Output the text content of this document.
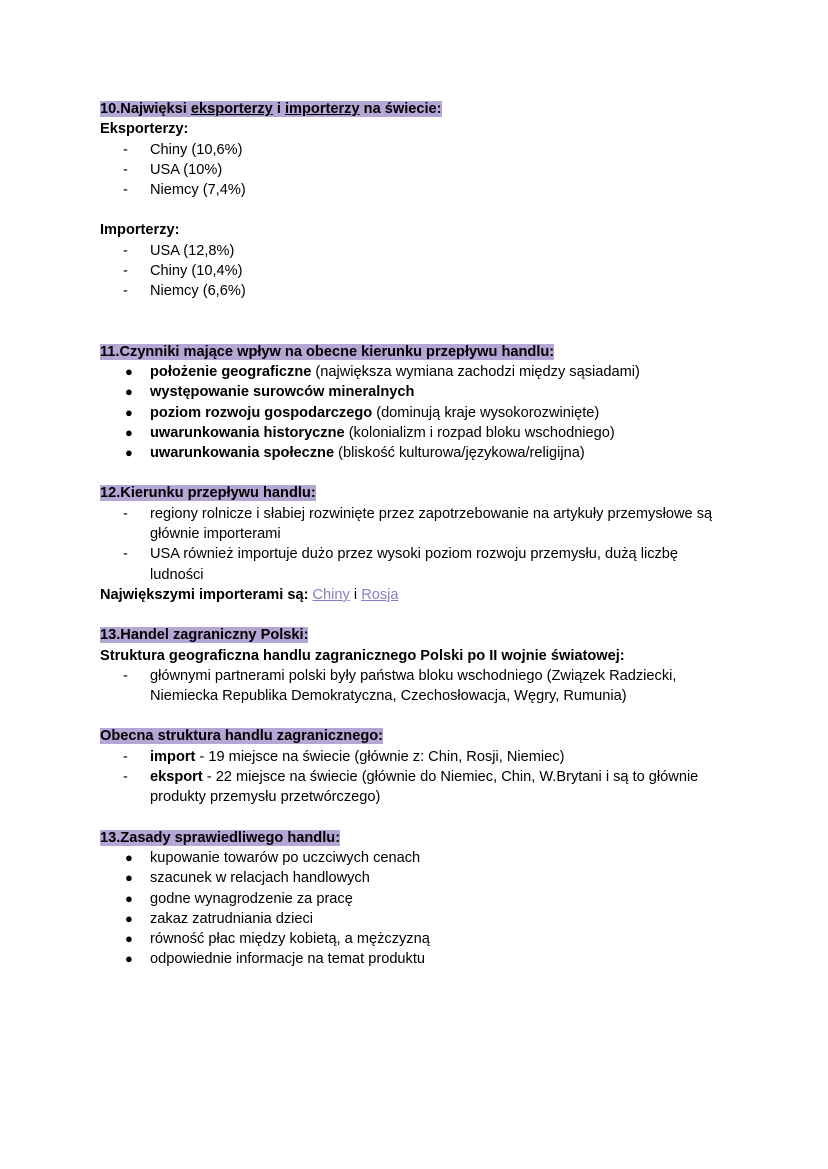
10.Najwięksi eksporterzy i importerzy na świecie:
Eksporterzy:
- Chiny (10,6%)
- USA (10%)
- Niemcy (7,4%)
Importerzy:
- USA (12,8%)
- Chiny (10,4%)
- Niemcy (6,6%)
11.Czynniki mające wpływ na obecne kierunku przepływu handlu:
● położenie geograficzne (największa wymiana zachodzi między sąsiadami)
● występowanie surowców mineralnych
● poziom rozwoju gospodarczego (dominują kraje wysokorozwinięte)
● uwarunkowania historyczne (kolonializm i rozpad bloku wschodniego)
● uwarunkowania społeczne (bliskość kulturowa/językowa/religijna)
12.Kierunku przepływu handlu:
- regiony rolnicze i słabiej rozwinięte przez zapotrzebowanie na artykuły przemysłowe są głównie importerami
- USA również importuje dużo przez wysoki poziom rozwoju przemysłu, dużą liczbę ludności
Największymi importerami są: Chiny i Rosja
13.Handel zagraniczny Polski:
Struktura geograficzna handlu zagranicznego Polski po II wojnie światowej:
- głównymi partnerami polski były państwa bloku wschodniego (Związek Radziecki, Niemiecka Republika Demokratyczna, Czechosłowacja, Węgry, Rumunia)
Obecna struktura handlu zagranicznego:
- import - 19 miejsce na świecie (głównie z: Chin, Rosji, Niemiec)
- eksport - 22 miejsce na świecie (głównie do Niemiec, Chin, W.Brytani i są to głównie produkty przemysłu przetwórczego)
13.Zasady sprawiedliwego handlu:
● kupowanie towarów po uczciwych cenach
● szacunek w relacjach handlowych
● godne wynagrodzenie za pracę
● zakaz zatrudniania dzieci
● równość płac między kobietą, a mężczyzną
● odpowiednie informacje na temat produktu
